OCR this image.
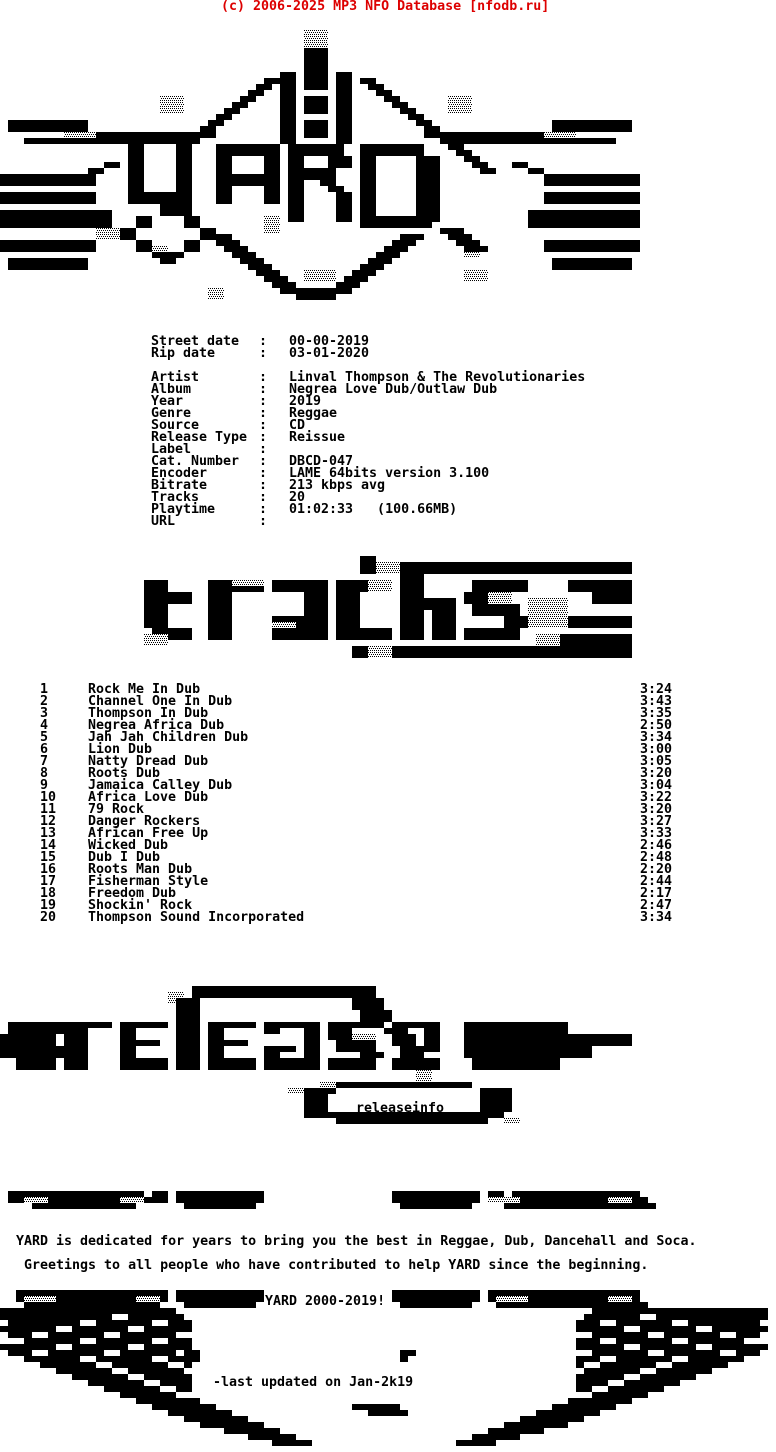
(c) 2006-2025 MP3 NFO Database [nfodb.ru]
Street date : 00-00-2019
Rip date	: 03-01-2020
Artist	: Linval Thompson & The Revolutionaries
Album	: Negrea Love Dub/Outlaw Dub
Year	: 2019
Genre	: Reggae
Source	: CD
Release Type : Reissue
Label	:
Cat. Number : DBCD-047
Encoder	: LAME 64bits version 3.100
Bitrate	: 213 kbps avg
Tracks	: 20
Playtime	: 01:02:33   (100.66MB)
URL	:
1	Rock Me In Dub	3:24
2	Channel One In Dub	3:43
3	Thompson In Dub	3:35
4	Negrea Africa Dub	2:50
5	Jah Jah Children Dub	3:34
6	Lion Dub	3:00
7	Natty Dread Dub	3:05
8	Roots Dub	3:20
9	Jamaica Calley Dub	3:04
10 Africa Love Dub	3:22
11 79 Rock	3:20
12 Danger Rockers	3:27
13 African Free Up	3:33
14 Wicked Dub	2:46
15 Dub I Dub	2:48
16 Roots Man Dub	2:20
17 Fisherman Style	2:44
18 Freedom Dub	2:17
19 Shockin' Rock	2:47
20 Thompson Sound Incorporated	3:34
releaseinfo
YARD is dedicated for years to bring you the best in Reggae, Dub, Dancehall and Soca.
Greetings to all people who have contributed to help YARD since the beginning.
YARD 2000-2019!
-last updated on Jan-2k19
